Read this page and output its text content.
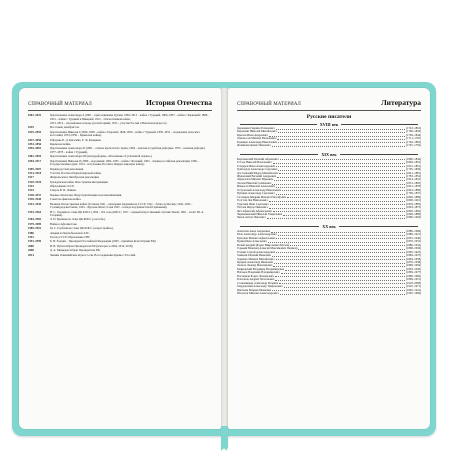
СПРАВОЧНЫЙ МАТЕРИАЛ	История Отечества
1801–1825	Царствование Александра I (1801 – присоединение Грузии; 1804–1813 – война с Турцией, 1806–1807 – война с Францией; 1808–1812 – война с Турцией и Швецией, 1812 – Отечественная война;
1813–1814 – заграничные походы русской армии; 1815 – участие России в Венском конгрессе).
1825	Восстание декабристов.
1825–1855	Царствование Николая I (1826–1828 – война с Персией; 1828–1829 – война с Турцией; 1830–1831 – подавление польского восстания; 1853–1856 – Крымская война).
1837–1856	Реформы П. Д. Киселёва, Е. Ф. Канкрина.
1853–1856	Крымская война.
1855–1881	Царствование Александра II (1861 – отмена крепостного права; 1864 – земская и судебная реформы; 1874 – военная реформа; 1877–1878 – война с Турцией).
1881–1894	Царствование Александра III (контрреформы, «Положение об усиленной охране»).
1894–1917	Царствование Николая II (1896 – коронация; 1904–1905 – война с Японией; 1905 – первая российская революция; 1906 – Государственная дума; 1914 – вступление России в Первую мировую войну).
1905–1907	Первая русская революция.
1914–1918	Участие России в Первой мировой войне.
1917	Февральская и Октябрьская революции.
1918–1920	Гражданская война. Иностранная интервенция.
1922	Образование СССР.
1924	Смерть В. И. Ленина.
1928–1937	Первые пятилетки. Индустриализация и коллективизация.
1939–1940	Советско-финская война.
1941–1945	Великая Отечественная война (22 июня 1941 – нападение Германии на СССР; 1941 – битва за Москву; 1942–1943 – Сталинградская битва; 1943 – Курская битва; 9 мая 1945 – победа над фашистской Германией).
1953–1964	Н. С. Хрущёв во главе ЦК КПСС (1956 – ХХ съезд КПСС; 1957 – первый искусственный спутник Земли; 1961 – полёт Ю. А. Гагарина).
1964–1982	Л. И. Брежнев во главе ЦК КПСС («застой»).
1979–1989	Война в Афганистане.
1985–1991	М. С. Горбачёв во главе ЦК КПСС («перестройка»).
1986	Авария на Чернобыльской АЭС.
1991	Распад СССР. Образование СНГ.
1991–1999	Б. Н. Ельцин – Президент Российской Федерации (1993 – принятие Конституции РФ).
2000	В. В. Путин избран Президентом РФ (повторно в 2004, 2012, 2018).
2008	Д. А. Медведев избран Президентом РФ.
2014	Зимние Олимпийские игры в Сочи. Воссоединение Крыма с Россией.
СПРАВОЧНЫЙ МАТЕРИАЛ	Литература
Русские писатели
XVIII век
Державин Гавриил Романович	(1743–1816)
Карамзин Николай Михайлович	(1766–1826)
Крылов Иван Андреевич	(1769–1844)
Ломоносов Михаил Васильевич	(1711–1765)
Радищев Александр Николаевич	(1749–1802)
Фонвизин Денис Иванович	(1745–1792)
XIX век
Баратынский Евгений Абрамович	(1800–1844)
Гоголь Николай Васильевич	(1809–1852)
Гончаров Иван Александрович	(1812–1891)
Грибоедов Александр Сергеевич	(1795–1829)
Достоевский Фёдор Михайлович	(1821–1881)
Жуковский Василий Андреевич	(1783–1852)
Лермонтов Михаил Юрьевич	(1814–1841)
Лесков Николай Семёнович	(1831–1895)
Некрасов Николай Алексеевич	(1821–1878)
Островский Александр Николаевич	(1823–1886)
Пушкин Александр Сергеевич	(1799–1837)
Салтыков-Щедрин Михаил Евграфович	(1826–1889)
Толстой Лев Николаевич	(1828–1910)
Тургенев Иван Сергеевич	(1818–1883)
Тютчев Фёдор Иванович	(1803–1873)
Фет Афанасий Афанасьевич	(1820–1892)
Чернышевский Николай Гаврилович	(1828–1889)
Чехов Антон Павлович	(1860–1904)
XX век
Ахматова Анна Андреевна	(1889–1966)
Блок Александр Александрович	(1880–1921)
Булгаков Михаил Афанасьевич	(1891–1940)
Бунин Иван Алексеевич	(1870–1953)
Белый Андрей (Борис Николаевич Бугаев)	(1880–1934)
Горький Максим (Алексей Максимович Пешков)	(1868–1936)
Есенин Сергей Александрович	(1895–1925)
Замятин Евгений Иванович	(1884–1937)
Зощенко Михаил Михайлович	(1894–1958)
Куприн Александр Иванович	(1870–1938)
Леонов Леонид Максимович	(1899–1994)
Маяковский Владимир Владимирович	(1893–1930)
Набоков Владимир Владимирович	(1899–1977)
Пастернак Борис Леонидович	(1890–1960)
Платонов Андрей Платонович	(1899–1951)
Солженицын Александр Исаевич	(1918–2008)
Твардовский Александр Трифонович	(1910–1971)
Цветаева Марина Ивановна	(1892–1941)
Шолохов Михаил Александрович	(1905–1984)
